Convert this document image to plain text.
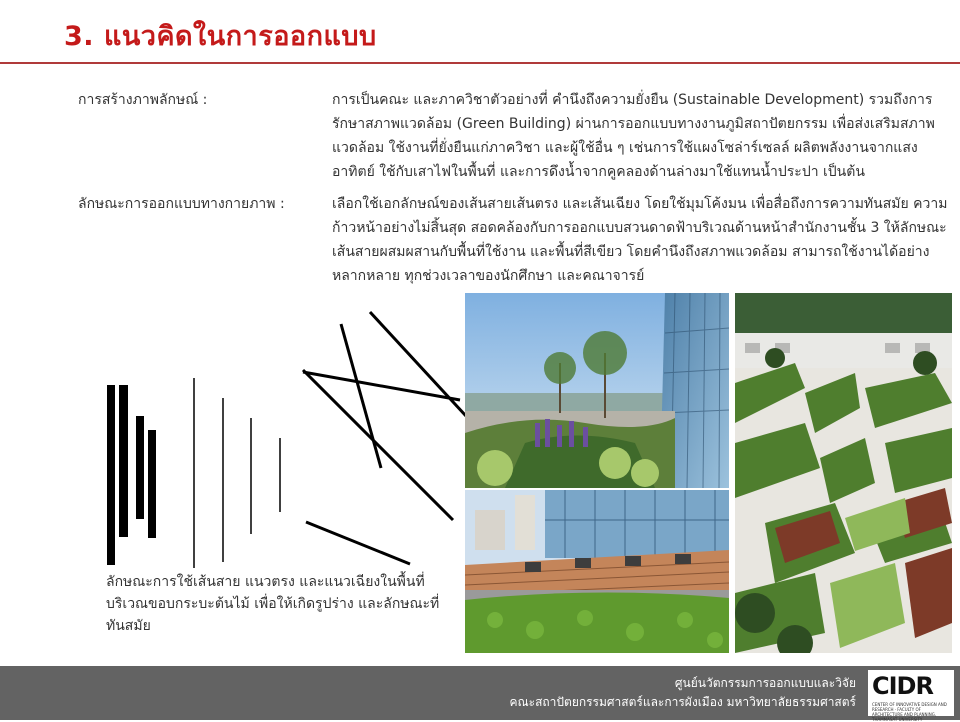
3. แนวคิดในการออกแบบ
การสร้างภาพลักษณ์ :	การเป็นคณะ และภาควิชาตัวอย่างที่ คำนึงถึงความยั่งยืน (Sustainable Development) รวมถึงการรักษาสภาพแวดล้อม (Green Building) ผ่านการออกแบบทางงานภูมิสถาปัตยกรรม เพื่อส่งเสริมสภาพแวดล้อม ใช้งานที่ยั่งยืนแก่ภาควิชา และผู้ใช้อื่น ๆ เช่นการใช้แผงโซล่าร์เซลล์ ผลิตพลังงานจากแสงอาทิตย์ ใช้กับเสาไฟในพื้นที่ และการดึงน้ำจากคูคลองด้านล่างมาใช้แทนน้ำประปา เป็นต้น
ลักษณะการออกแบบทางกายภาพ :	เลือกใช้เอกลักษณ์ของเส้นสายเส้นตรง และเส้นเฉียง โดยใช้มุมโค้งมน เพื่อสื่อถึงการความทันสมัย ความก้าวหน้าอย่างไม่สิ้นสุด สอดคล้องกับการออกแบบสวนดาดฟ้าบริเวณด้านหน้าสำนักงานชั้น 3 ให้ลักษณะเส้นสายผสมผสานกับพื้นที่ใช้งาน และพื้นที่สีเขียว โดยคำนึงถึงสภาพแวดล้อม สามารถใช้งานได้อย่างหลากหลาย ทุกช่วงเวลาของนักศึกษา และคณาจารย์
ลักษณะการใช้เส้นสาย แนวตรง และแนวเฉียงในพื้นที่บริเวณขอบกระบะต้นไม้ เพื่อให้เกิดรูปร่าง และลักษณะที่ทันสมัย
ศูนย์นวัตกรรมการออกแบบและวิจัย
คณะสถาปัตยกรรมศาสตร์และการผังเมือง มหาวิทยาลัยธรรมศาสตร์
CIDR
CENTER OF INNOVATIVE DESIGN AND RESEARCH · FACULTY OF ARCHITECTURE AND PLANNING, THAMMASAT UNIVERSITY
